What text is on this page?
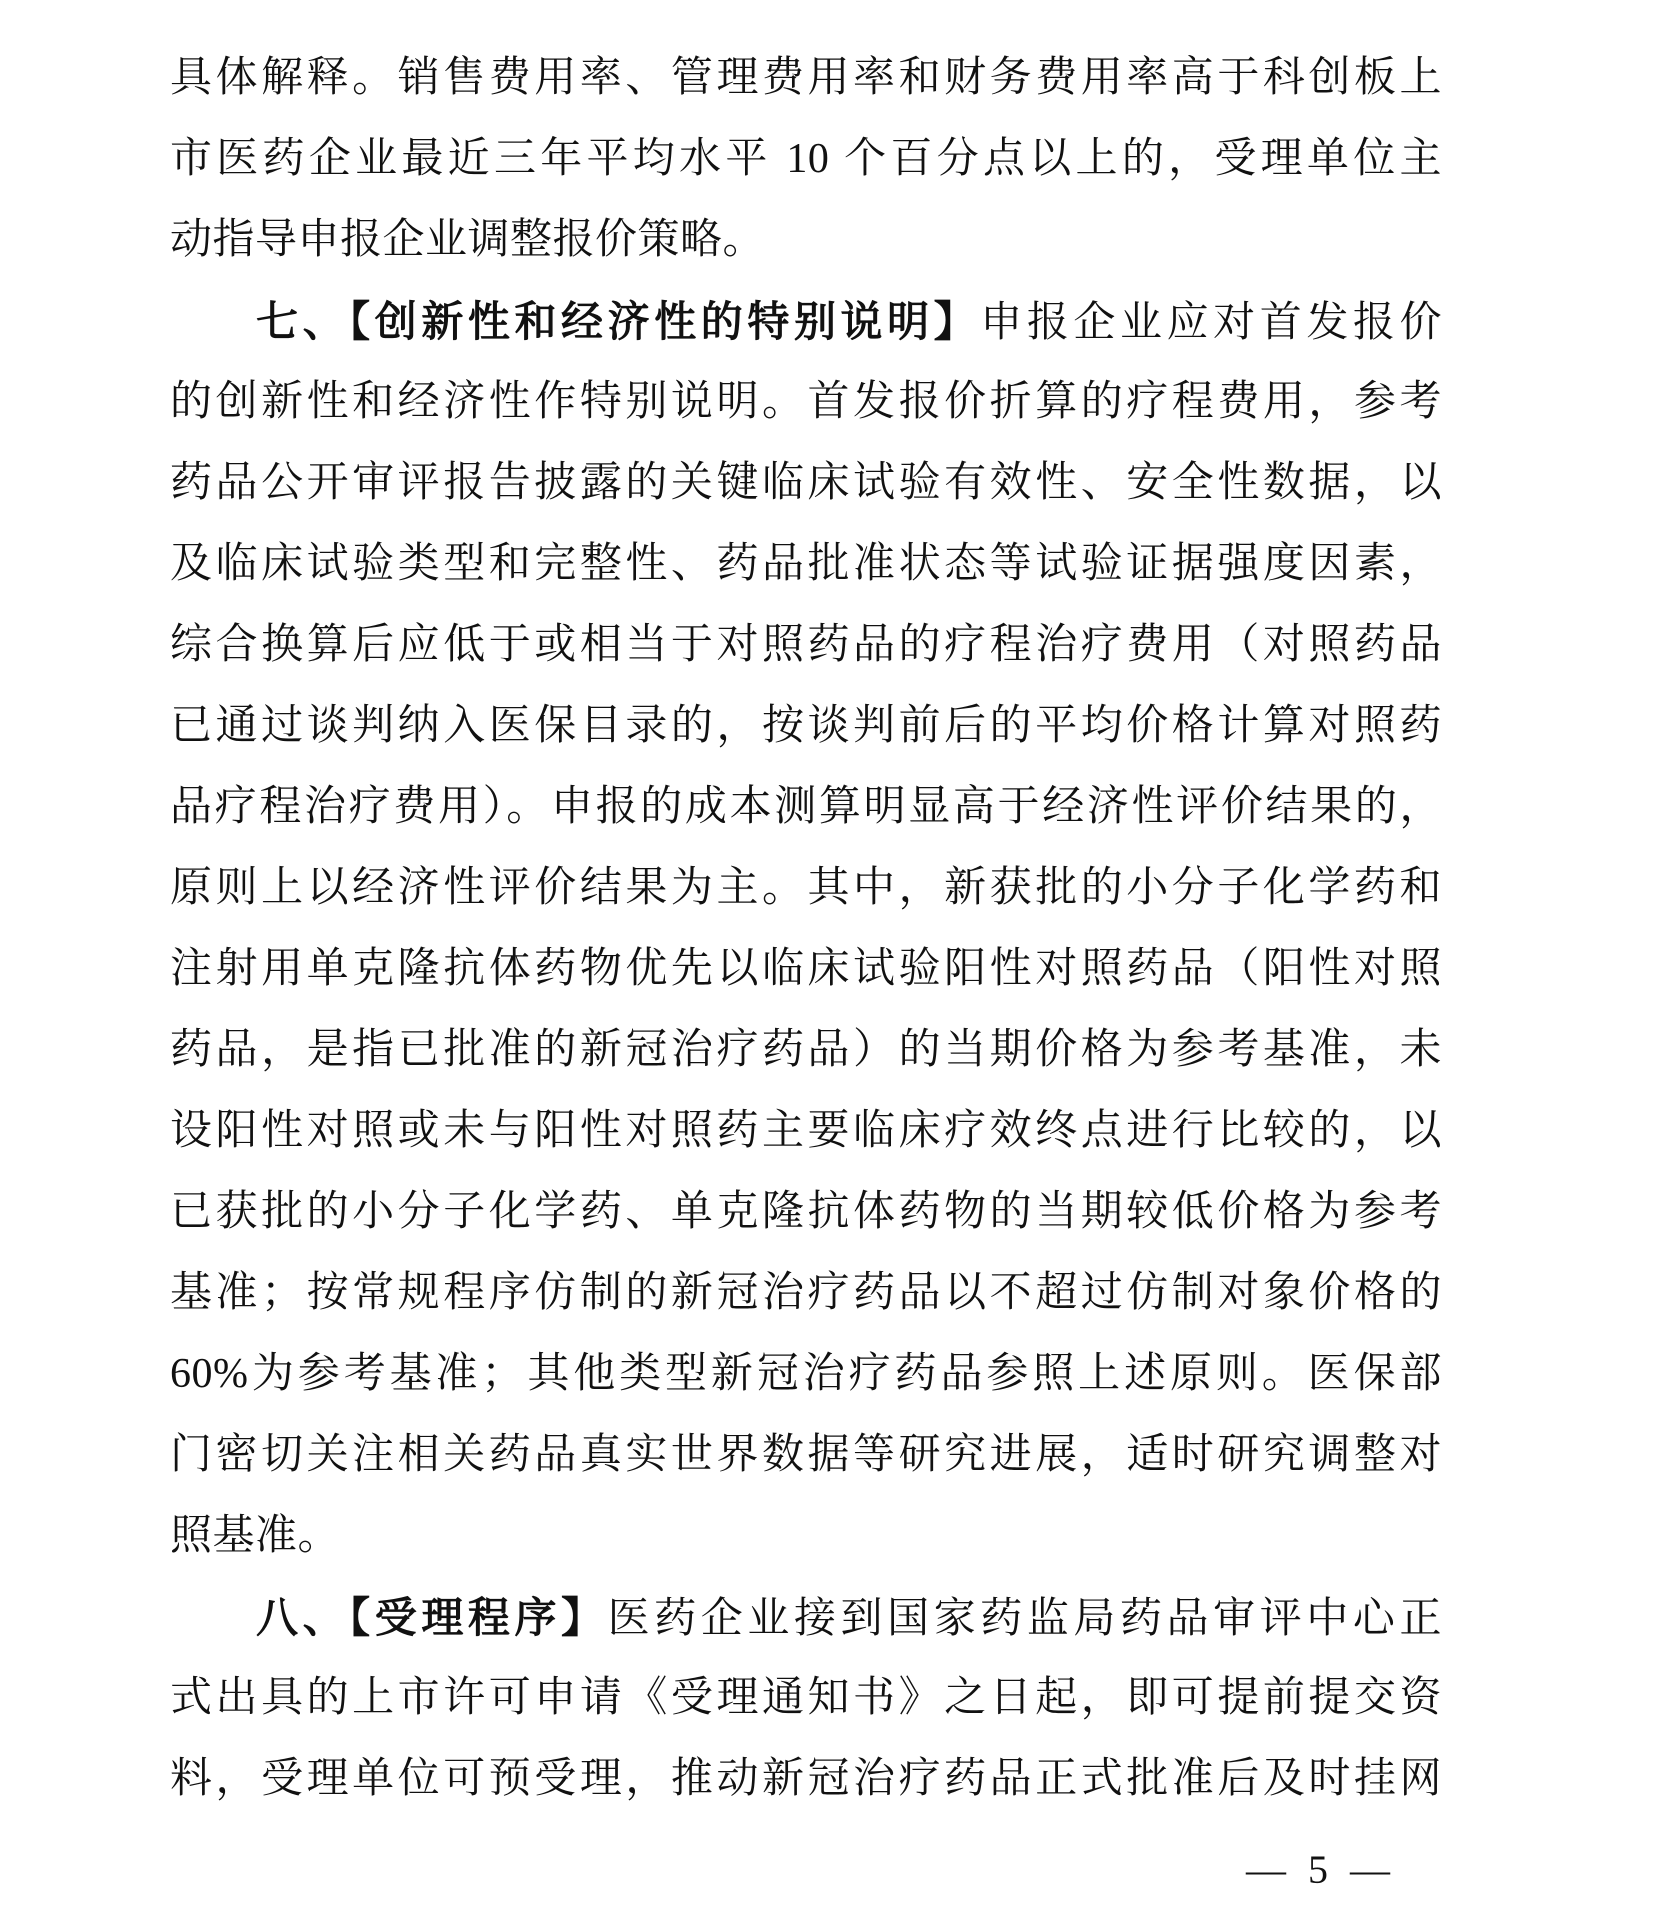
具体解释。销售费用率、管理费用率和财务费用率高于科创板上
市医药企业最近三年平均水平 10 个百分点以上的，受理单位主
动指导申报企业调整报价策略。
七、【创新性和经济性的特别说明】申报企业应对首发报价
的创新性和经济性作特别说明。首发报价折算的疗程费用，参考
药品公开审评报告披露的关键临床试验有效性、安全性数据，以
及临床试验类型和完整性、药品批准状态等试验证据强度因素，
综合换算后应低于或相当于对照药品的疗程治疗费用（对照药品
已通过谈判纳入医保目录的，按谈判前后的平均价格计算对照药
品疗程治疗费用）。申报的成本测算明显高于经济性评价结果的，
原则上以经济性评价结果为主。其中，新获批的小分子化学药和
注射用单克隆抗体药物优先以临床试验阳性对照药品（阳性对照
药品，是指已批准的新冠治疗药品）的当期价格为参考基准，未
设阳性对照或未与阳性对照药主要临床疗效终点进行比较的，以
已获批的小分子化学药、单克隆抗体药物的当期较低价格为参考
基准；按常规程序仿制的新冠治疗药品以不超过仿制对象价格的
60%为参考基准；其他类型新冠治疗药品参照上述原则。医保部
门密切关注相关药品真实世界数据等研究进展，适时研究调整对
照基准。
八、【受理程序】医药企业接到国家药监局药品审评中心正
式出具的上市许可申请《受理通知书》之日起，即可提前提交资
料，受理单位可预受理，推动新冠治疗药品正式批准后及时挂网
— 5 —
